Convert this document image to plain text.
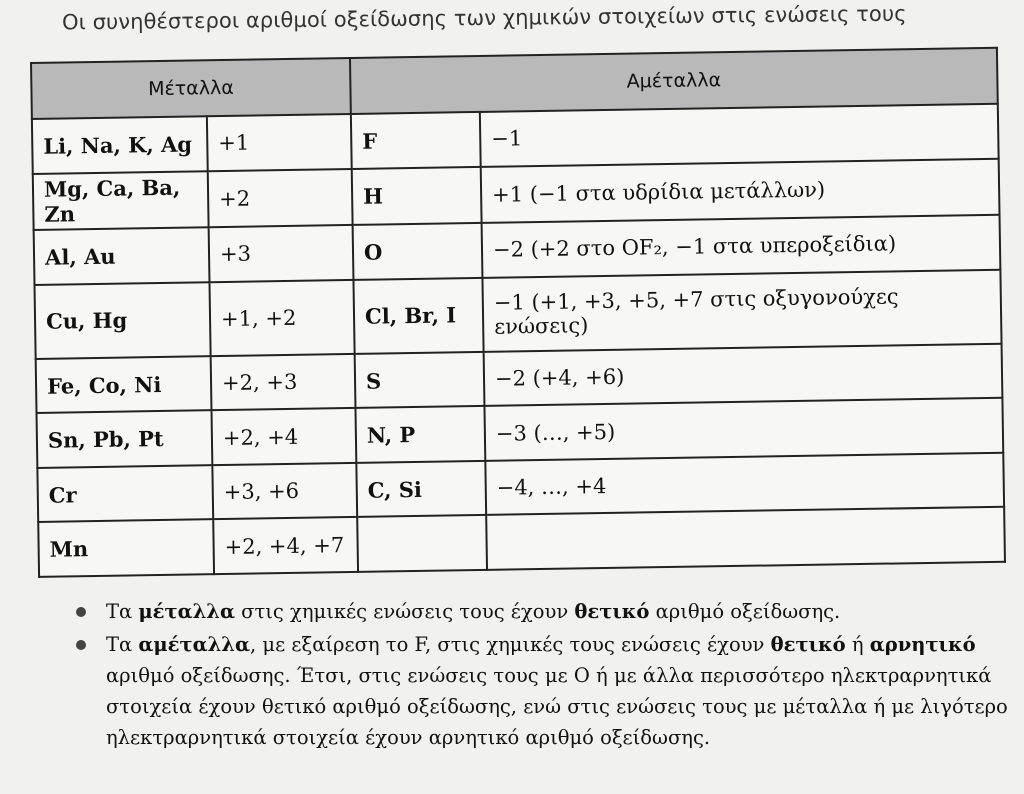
Οι συνηθέστεροι αριθμοί οξείδωσης των χημικών στοιχείων στις ενώσεις τους
Μέταλλα		Αμέταλλα	
Li, Na, K, Ag	+1	F	−1
Mg, Ca, Ba, Zn	+2	H	+1 (−1 στα υδρίδια μετάλλων)
Al, Au	+3	O	−2 (+2 στο OF₂, −1 στα υπεροξείδια)
Cu, Hg	+1, +2	Cl, Br, I	−1 (+1, +3, +5, +7 στις οξυγονούχες ενώσεις)
Fe, Co, Ni	+2, +3	S	−2 (+4, +6)
Sn, Pb, Pt	+2, +4	N, P	−3 (…, +5)
Cr	+3, +6	C, Si	−4, …, +4
Mn	+2, +4, +7		
Τα μέταλλα στις χημικές ενώσεις τους έχουν θετικό αριθμό οξείδωσης.
Τα αμέταλλα, με εξαίρεση το F, στις χημικές τους ενώσεις έχουν θετικό ή αρνητικό αριθμό οξείδωσης. Έτσι, στις ενώσεις τους με O ή με άλλα περισσότερο ηλεκτραρνητικά στοιχεία έχουν θετικό αριθμό οξείδωσης, ενώ στις ενώσεις τους με μέταλλα ή με λιγότερο ηλεκτραρνητικά στοιχεία έχουν αρνητικό αριθμό οξείδωσης.
